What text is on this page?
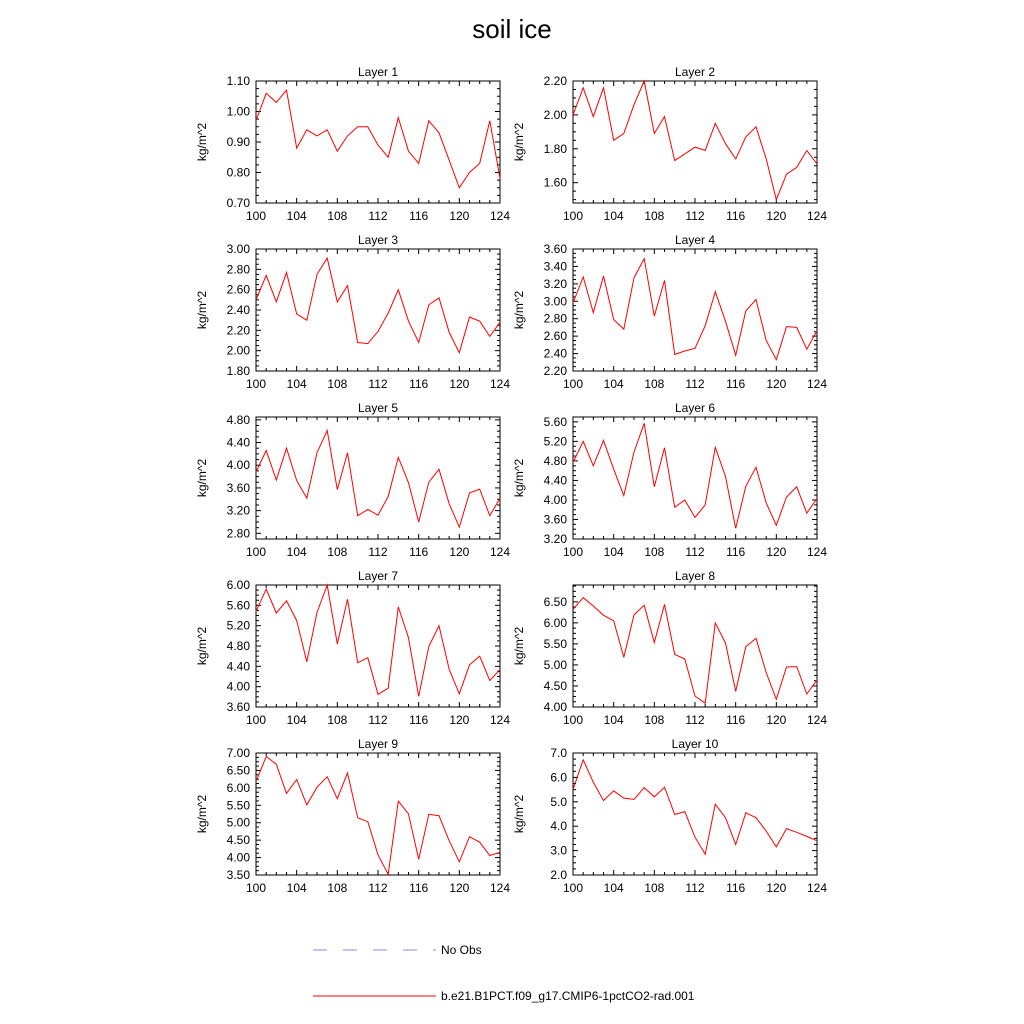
soil ice
Layer 1
kg/m^2
100 104 108 112 116 120 124
0.70
0.80
0.90
1.00
1.10
Layer 2
kg/m^2
100 104 108 112 116 120 124
1.60
1.80
2.00
2.20
Layer 3
kg/m^2
100 104 108 112 116 120 124
1.80
2.00
2.20
2.40
2.60
2.80
3.00
Layer 4
kg/m^2
100 104 108 112 116 120 124
2.20
2.40
2.60
2.80
3.00
3.20
3.40
3.60
Layer 5
kg/m^2
100 104 108 112 116 120 124
2.80
3.20
3.60
4.00
4.40
4.80
Layer 6
kg/m^2
100 104 108 112 116 120 124
3.20
3.60
4.00
4.40
4.80
5.20
5.60
Layer 7
kg/m^2
100 104 108 112 116 120 124
3.60
4.00
4.40
4.80
5.20
5.60
6.00
Layer 8
kg/m^2
100 104 108 112 116 120 124
4.00
4.50
5.00
5.50
6.00
6.50
Layer 9
kg/m^2
100 104 108 112 116 120 124
3.50
4.00
4.50
5.00
5.50
6.00
6.50
7.00
Layer 10
kg/m^2
100 104 108 112 116 120 124
2.0
3.0
4.0
5.0
6.0
7.0
No Obs
b.e21.B1PCT.f09_g17.CMIP6-1pctCO2-rad.001
